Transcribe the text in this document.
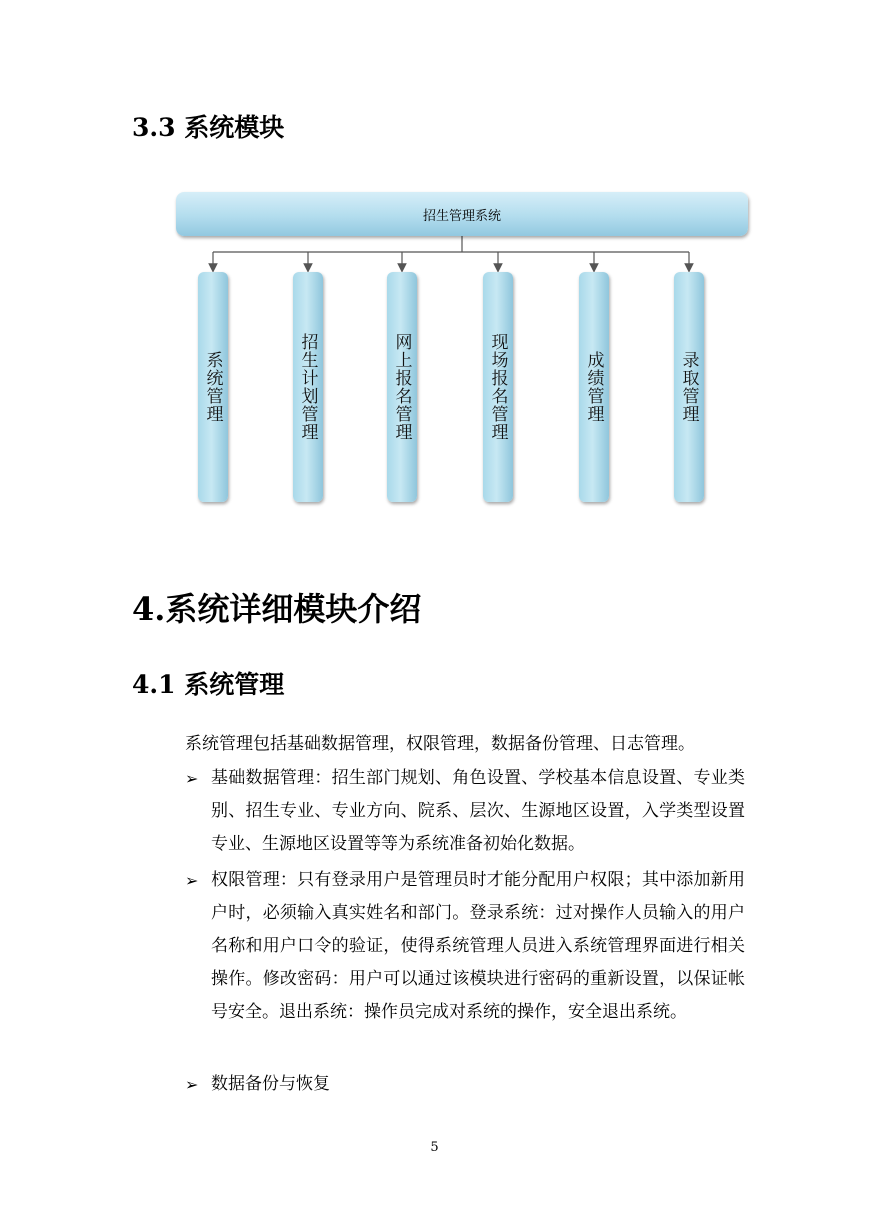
3.3 系统模块
招生管理系统
系统管理	招生计划管理	网上报名管理	现场报名管理	成绩管理	录取管理
4.系统详细模块介绍
4.1 系统管理

系统管理包括基础数据管理，权限管理，数据备份管理、日志管理。

➢ 基础数据管理：招生部门规划、角色设置、学校基本信息设置、专业类别、招生专业、专业方向、院系、层次、生源地区设置，入学类型设置专业、生源地区设置等等为系统准备初始化数据。
➢ 权限管理：只有登录用户是管理员时才能分配用户权限；其中添加新用户时，必须输入真实姓名和部门。登录系统：过对操作人员输入的用户名称和用户口令的验证，使得系统管理人员进入系统管理界面进行相关操作。修改密码：用户可以通过该模块进行密码的重新设置，以保证帐号安全。退出系统：操作员完成对系统的操作，安全退出系统。
➢ 数据备份与恢复
5
